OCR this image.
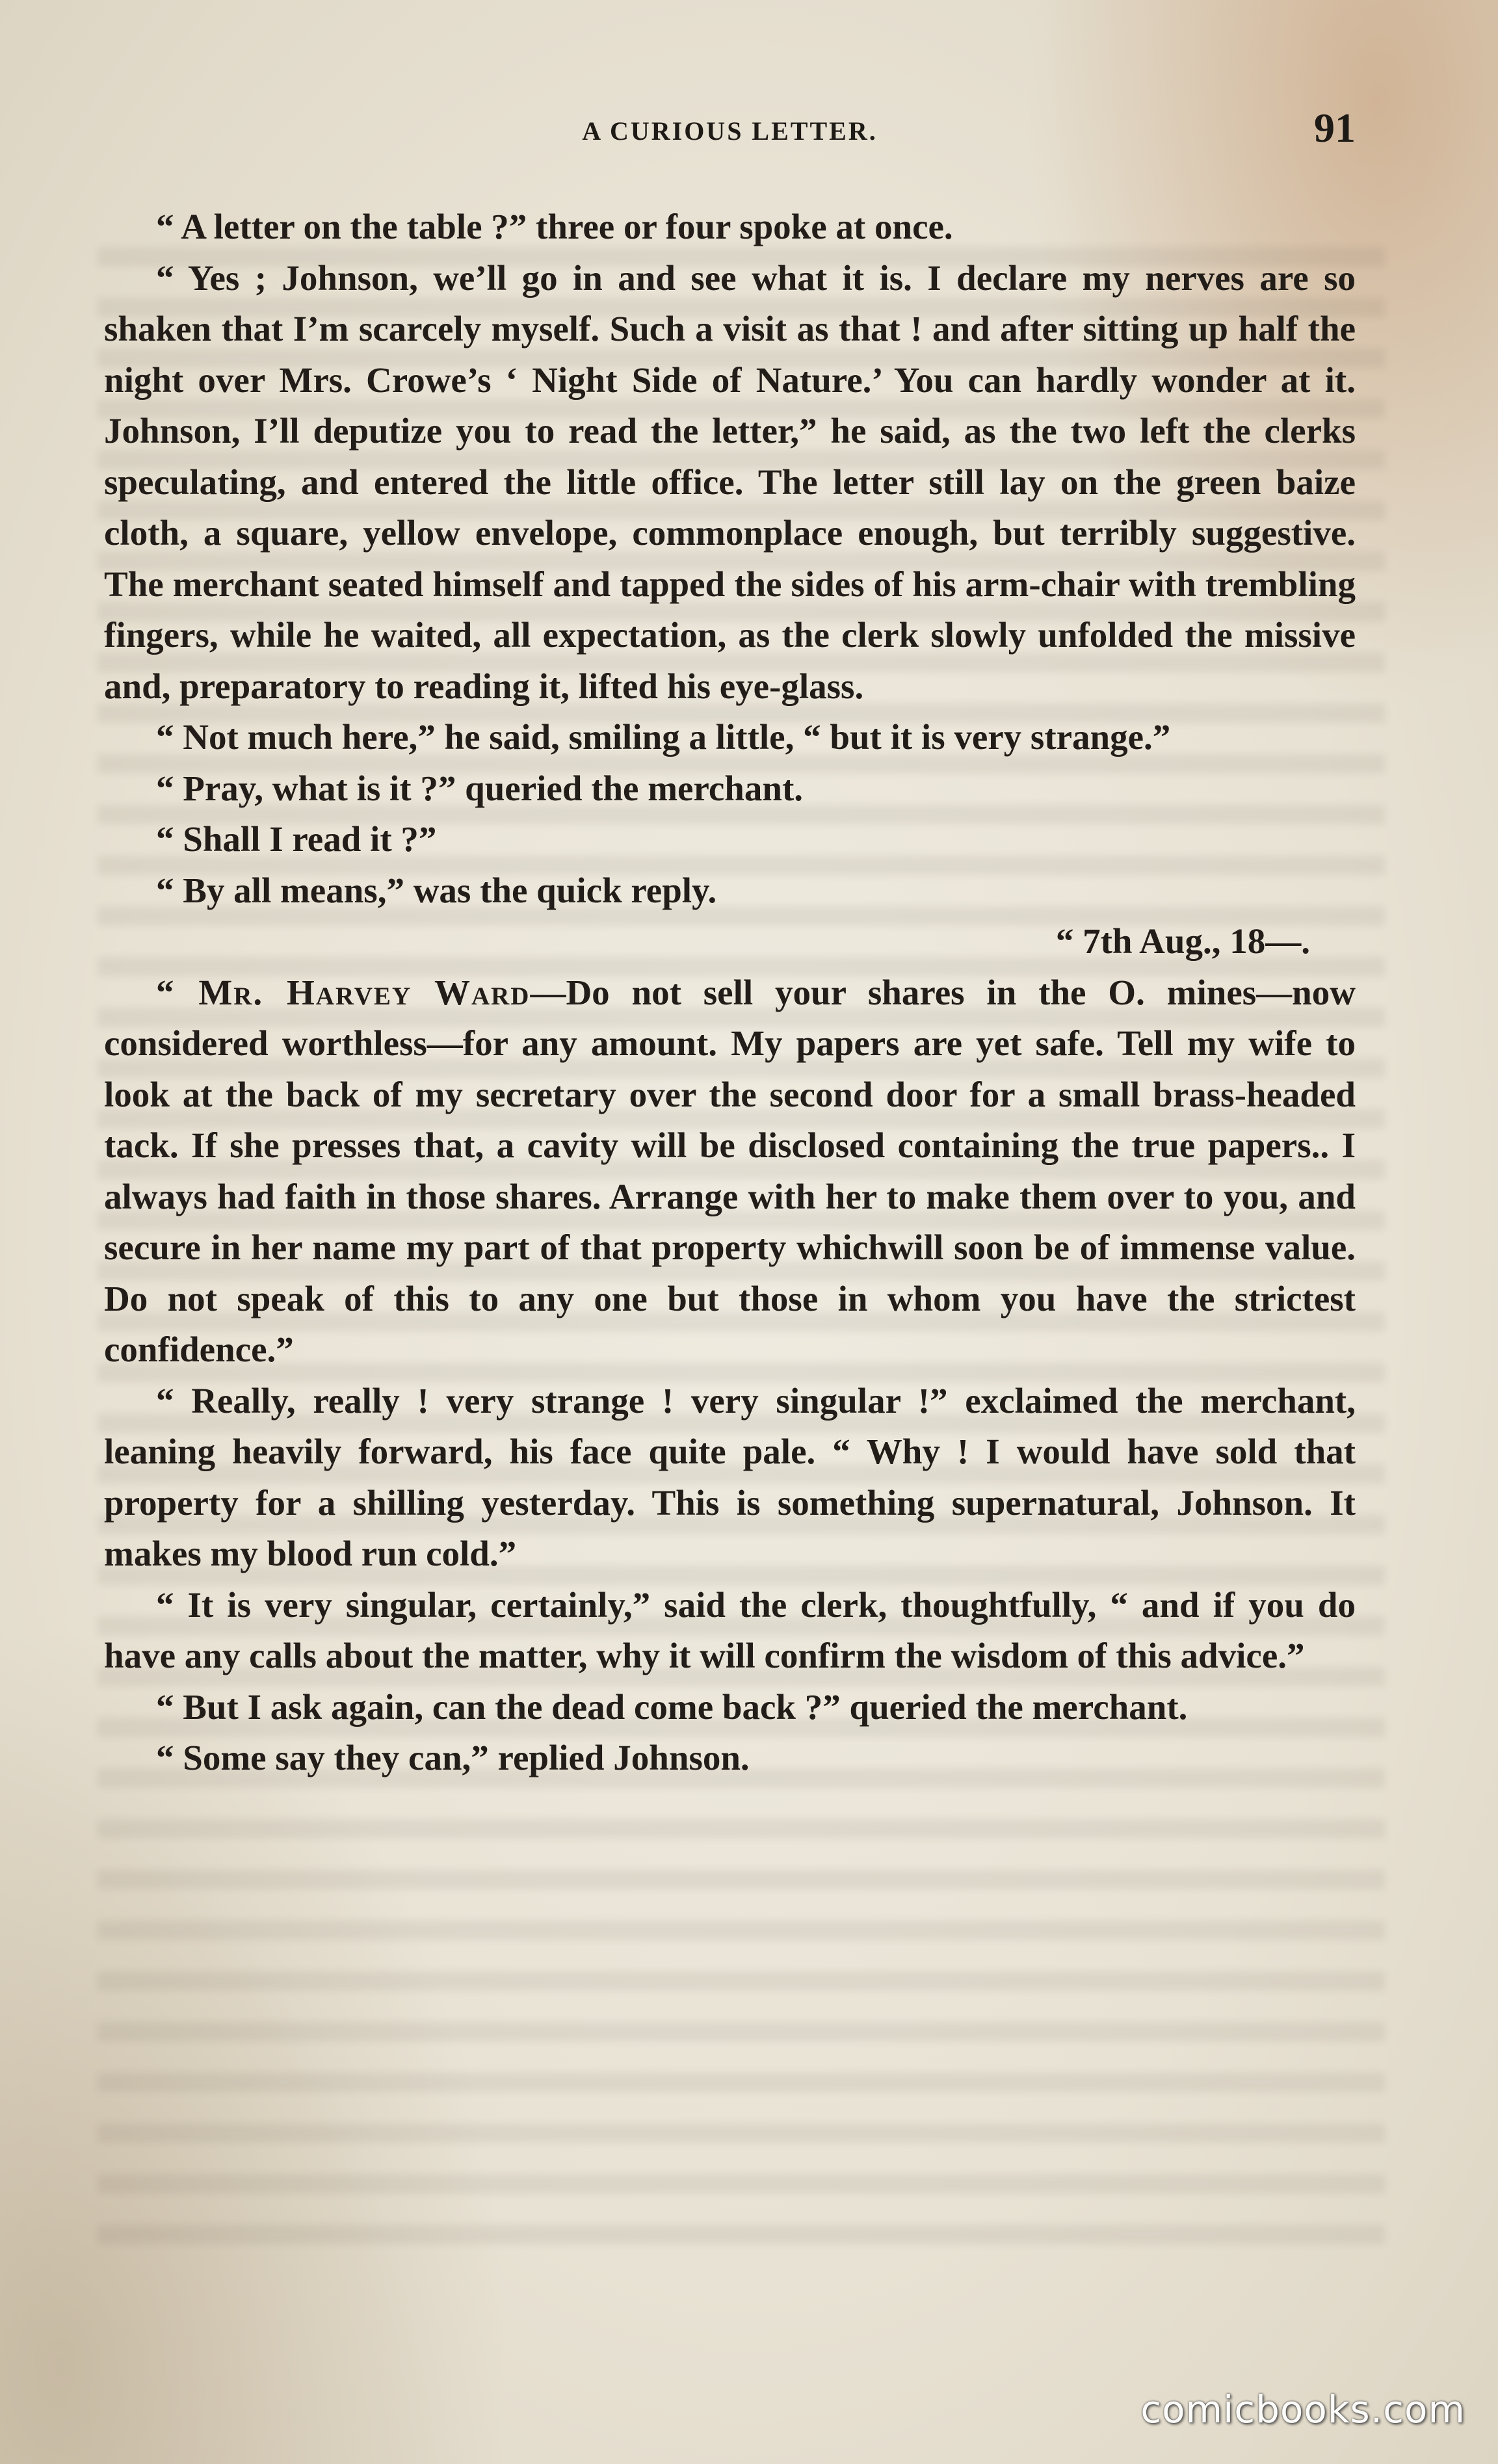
A CURIOUS LETTER.	91

“ A letter on the table ?” three or four spoke at once.

“ Yes ; Johnson, we’ll go in and see what it is. I declare my nerves are so shaken that I’m scarcely myself. Such a visit as that ! and after sitting up half the night over Mrs. Crowe’s ‘ Night Side of Nature.’ You can hardly wonder at it. Johnson, I’ll deputize you to read the letter,” he said, as the two left the clerks speculating, and entered the little office. The letter still lay on the green baize cloth, a square, yellow envelope, commonplace enough, but terribly suggestive. The merchant seated himself and tapped the sides of his arm-chair with trembling fingers, while he waited, all expectation, as the clerk slowly unfolded the missive and, preparatory to reading it, lifted his eye-glass.

“ Not much here,” he said, smiling a little, “ but it is very strange.”

“ Pray, what is it ?” queried the merchant.

“ Shall I read it ?”

“ By all means,” was the quick reply.

“ 7th Aug., 18—.

“ Mr. Harvey Ward—Do not sell your shares in the O. mines—now considered worthless—for any amount. My papers are yet safe. Tell my wife to look at the back of my secretary over the second door for a small brass-headed tack. If she presses that, a cavity will be disclosed containing the true papers.. I always had faith in those shares. Arrange with her to make them over to you, and secure in her name my part of that property whichwill soon be of immense value. Do not speak of this to any one but those in whom you have the strictest confidence.”

“ Really, really ! very strange ! very singular !” exclaimed the merchant, leaning heavily forward, his face quite pale. “ Why ! I would have sold that property for a shilling yesterday. This is something supernatural, Johnson. It makes my blood run cold.”

“ It is very singular, certainly,” said the clerk, thoughtfully, “ and if you do have any calls about the matter, why it will confirm the wisdom of this advice.”

“ But I ask again, can the dead come back ?” queried the merchant.

“ Some say they can,” replied Johnson.

comicbooks.com
